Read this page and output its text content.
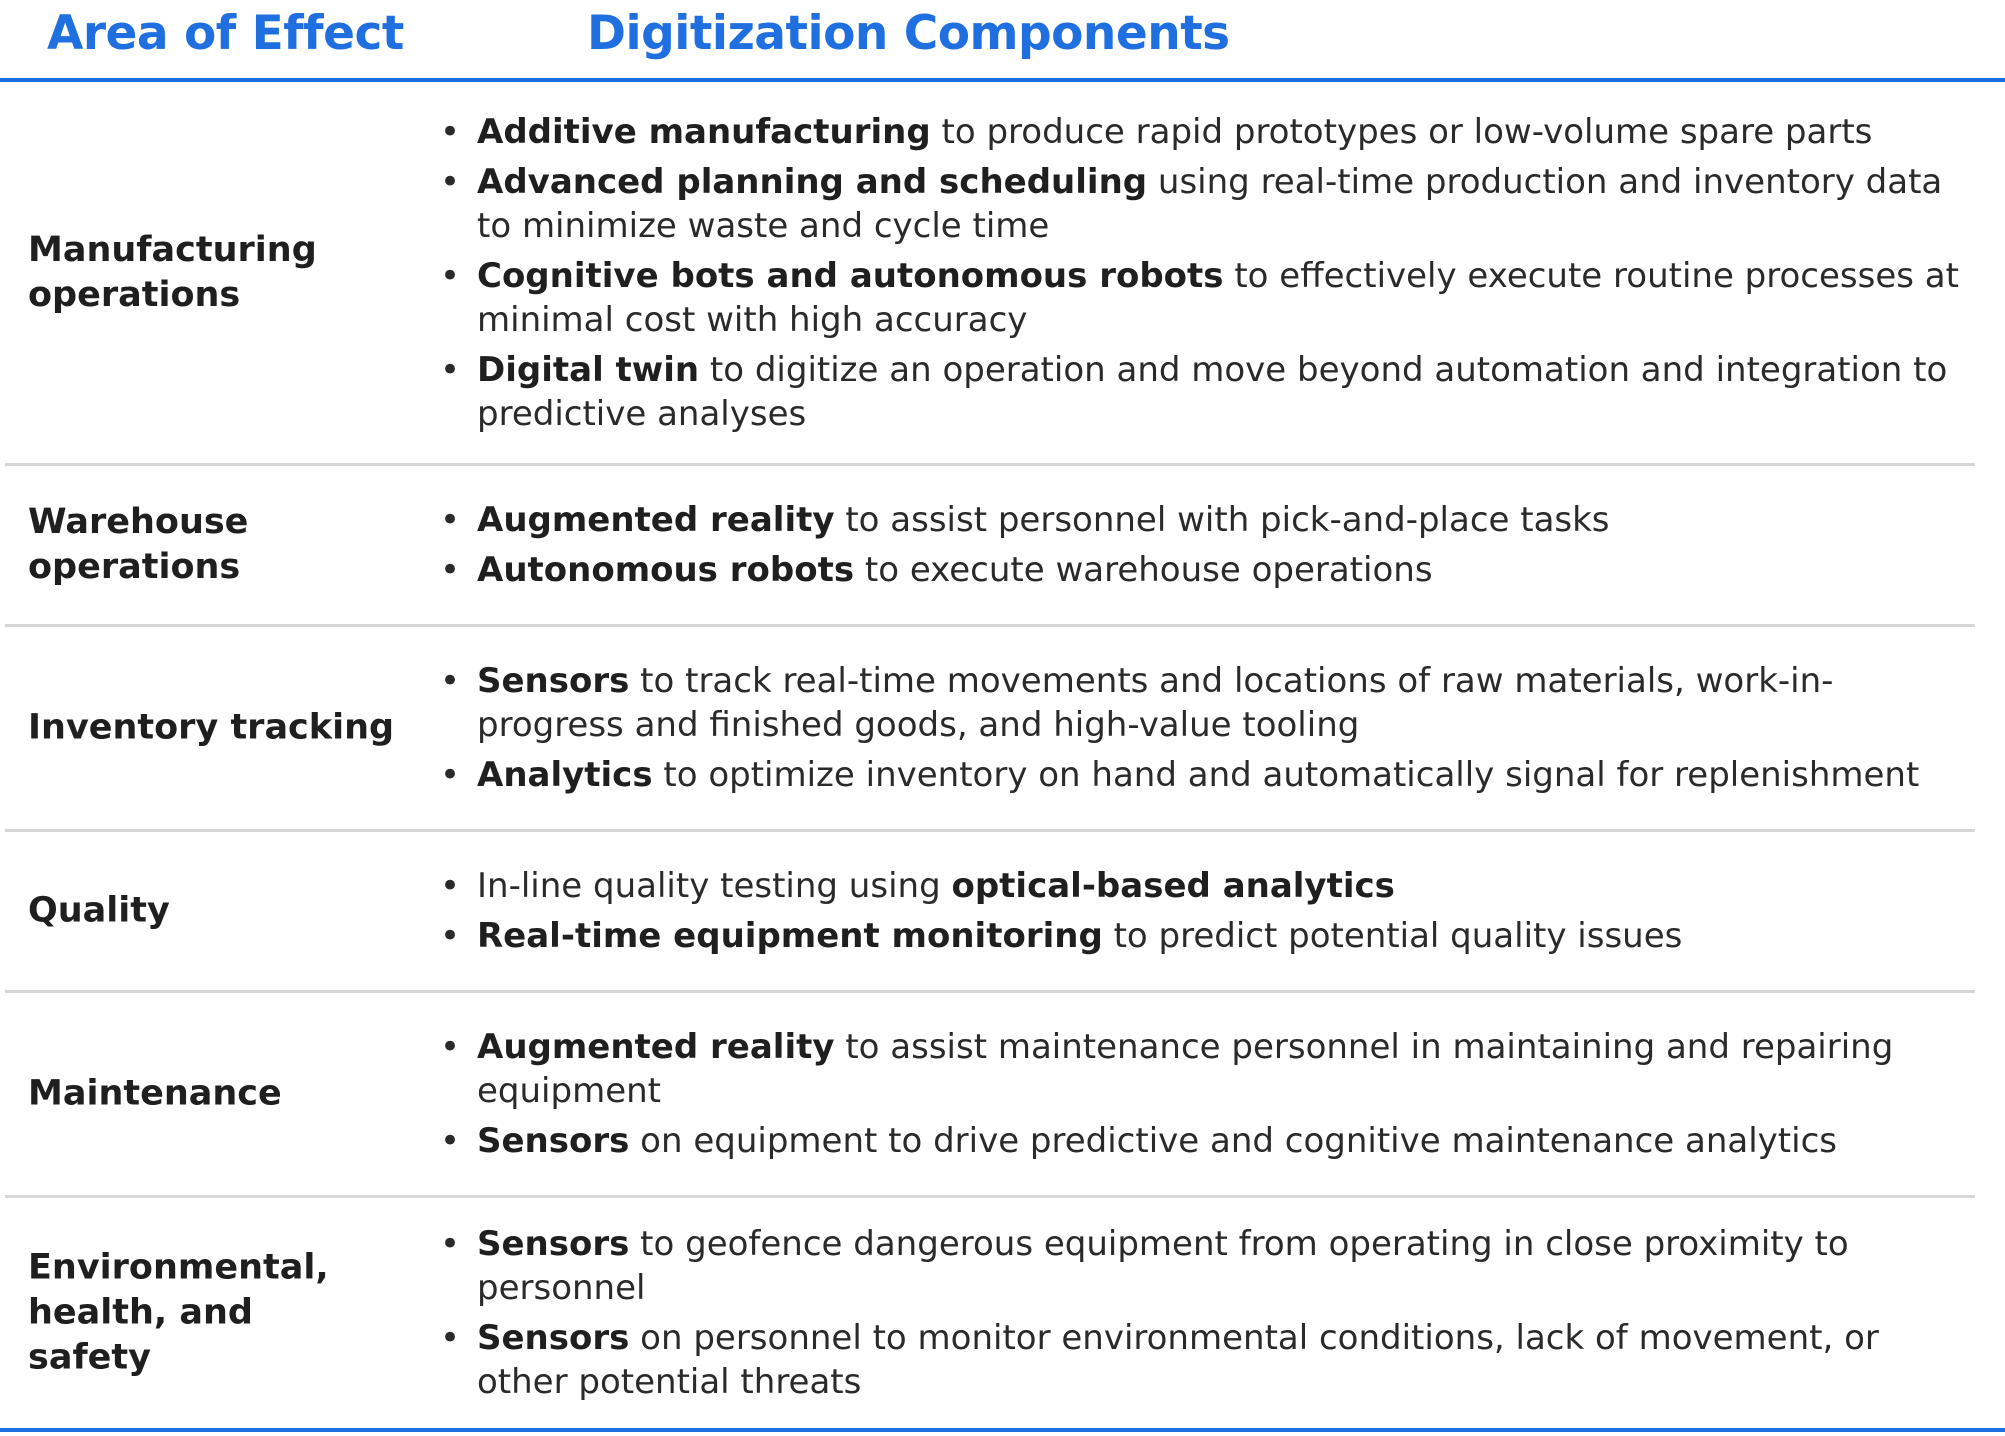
Area of Effect	Digitization Components
Manufacturing operations
• Additive manufacturing to produce rapid prototypes or low-volume spare parts
• Advanced planning and scheduling using real-time production and inventory data to minimize waste and cycle time
• Cognitive bots and autonomous robots to effectively execute routine processes at minimal cost with high accuracy
• Digital twin to digitize an operation and move beyond automation and integration to predictive analyses
Warehouse operations
• Augmented reality to assist personnel with pick-and-place tasks
• Autonomous robots to execute warehouse operations
Inventory tracking
• Sensors to track real-time movements and locations of raw materials, work-in-progress and finished goods, and high-value tooling
• Analytics to optimize inventory on hand and automatically signal for replenishment
Quality
• In-line quality testing using optical-based analytics
• Real-time equipment monitoring to predict potential quality issues
Maintenance
• Augmented reality to assist maintenance personnel in maintaining and repairing equipment
• Sensors on equipment to drive predictive and cognitive maintenance analytics
Environmental, health, and safety
• Sensors to geofence dangerous equipment from operating in close proximity to personnel
• Sensors on personnel to monitor environmental conditions, lack of movement, or other potential threats
